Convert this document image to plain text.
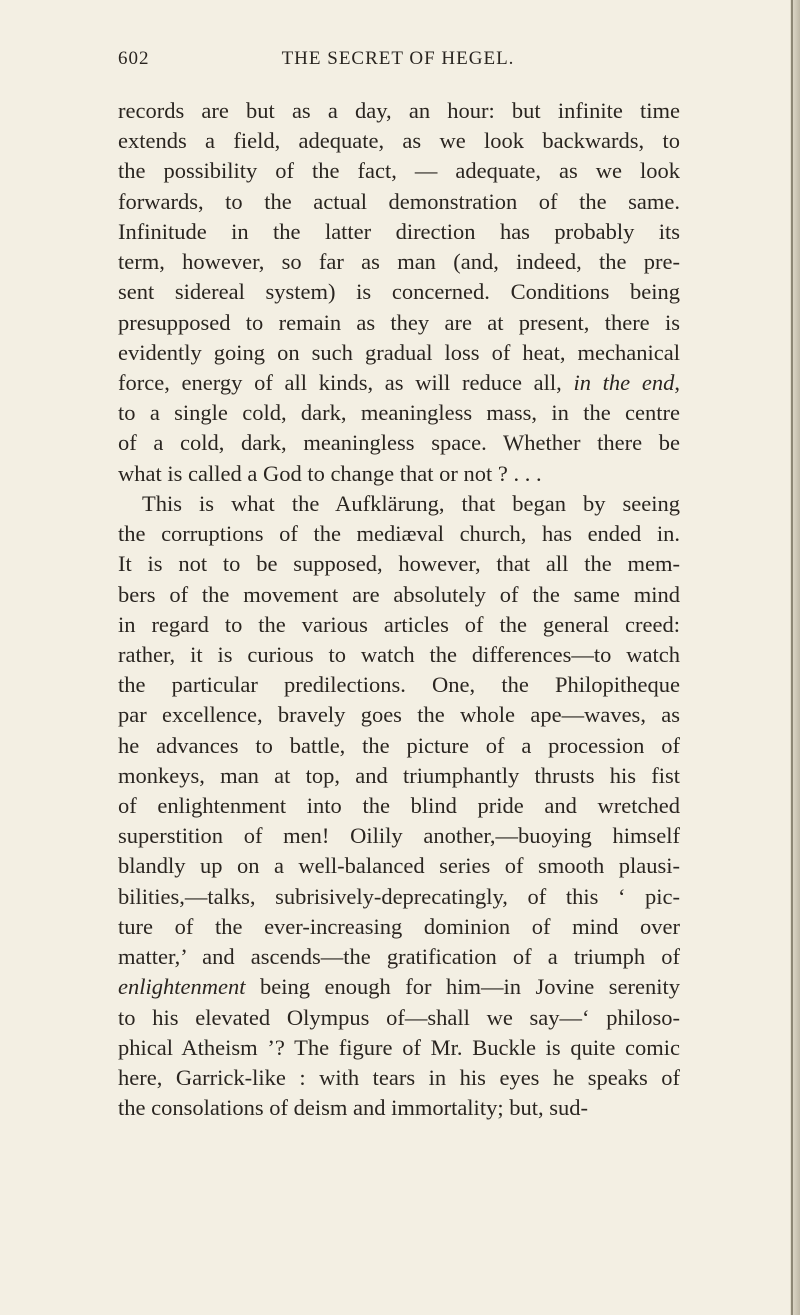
602	THE SECRET OF HEGEL.
records are but as a day, an hour: but infinite time
extends a field, adequate, as we look backwards, to
the possibility of the fact, — adequate, as we look
forwards, to the actual demonstration of the same.
Infinitude in the latter direction has probably its
term, however, so far as man (and, indeed, the pre-
sent sidereal system) is concerned. Conditions being
presupposed to remain as they are at present, there is
evidently going on such gradual loss of heat, mechanical
force, energy of all kinds, as will reduce all, in the end,
to a single cold, dark, meaningless mass, in the centre
of a cold, dark, meaningless space. Whether there be
what is called a God to change that or not ? . . .
This is what the Aufklärung, that began by seeing
the corruptions of the mediæval church, has ended in.
It is not to be supposed, however, that all the mem-
bers of the movement are absolutely of the same mind
in regard to the various articles of the general creed:
rather, it is curious to watch the differences—to watch
the particular predilections. One, the Philopitheque
par excellence, bravely goes the whole ape—waves, as
he advances to battle, the picture of a procession of
monkeys, man at top, and triumphantly thrusts his fist
of enlightenment into the blind pride and wretched
superstition of men! Oilily another,—buoying himself
blandly up on a well-balanced series of smooth plausi-
bilities,—talks, subrisively-deprecatingly, of this ‘ pic-
ture of the ever-increasing dominion of mind over
matter,’ and ascends—the gratification of a triumph of
enlightenment being enough for him—in Jovine serenity
to his elevated Olympus of—shall we say—‘ philoso-
phical Atheism ’? The figure of Mr. Buckle is quite comic
here, Garrick-like : with tears in his eyes he speaks of
the consolations of deism and immortality; but, sud-
